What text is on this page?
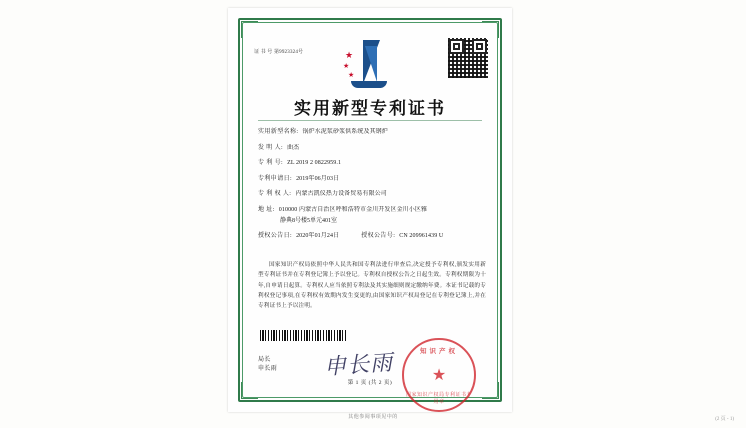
证 书 号 第9923324号	★
★
★
实用新型专利证书
实用新型名称: 锅炉水泥浆砂浆供系统及其钢炉
发 明 人: 曲杰
专 利 号: ZL 2019 2 0822959.1
专利申请日: 2019年06月03日
专 利 权 人: 内蒙古凯仪热力设备贸易有限公司
地 址: 010000 内蒙古自治区呼和浩特市金川开发区金川小区雅
静典8号楼5单元401室
授权公告日: 2020年01月24日	授权公告号: CN 209961439 U
国家知识产权局依照中华人民共和国专利法进行审查后,决定授予专利权,颁发实用新型专利证书并在专利登记簿上予以登记。专利权自授权公告之日起生效。专利权期限为十年,自申请日起算。专利权人应当依照专利法及其实施细则规定缴纳年费。本证书记载的专利权登记事项,在专利权有效期内发生变更的,由国家知识产权局登记在专利登记簿上,并在专利证书上予以注明。
局长
申长雨 申长雨	知识产权
★
国家知识产权局专利证书专用章
第 1 页 (共 2 页)
其他参阅事项见中的	(2 页 - 1)
